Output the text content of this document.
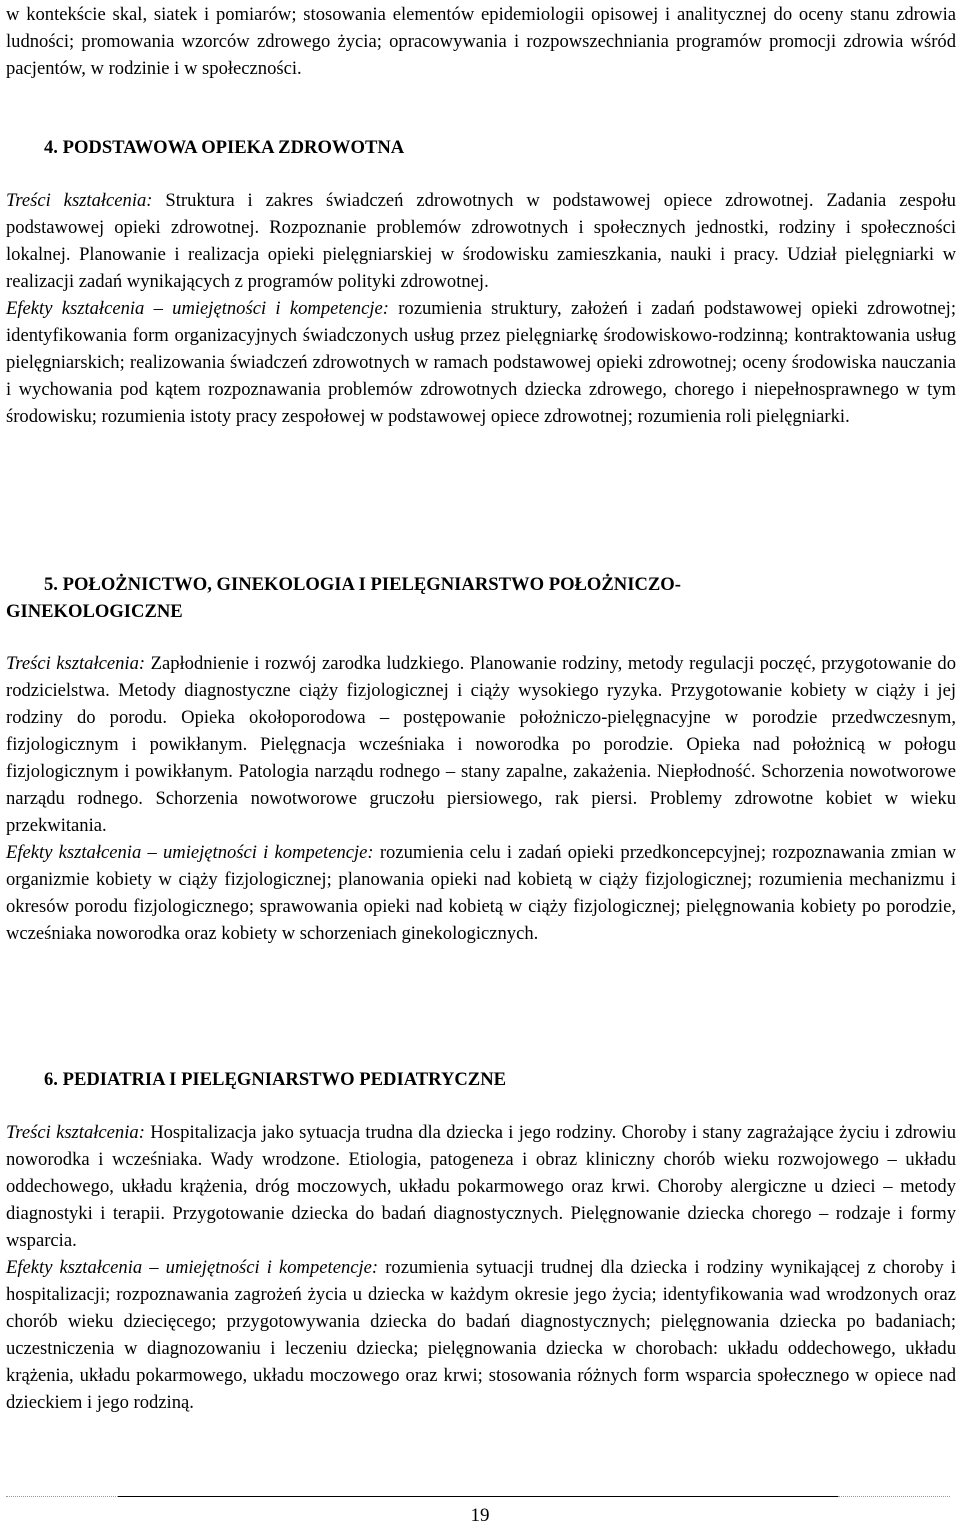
w kontekście skal, siatek i pomiarów; stosowania elementów epidemiologii opisowej i analitycznej do oceny stanu zdrowia ludności; promowania wzorców zdrowego życia; opracowywania i rozpowszechniania programów promocji zdrowia wśród pacjentów, w rodzinie i w społeczności.

4. PODSTAWOWA OPIEKA ZDROWOTNA

Treści kształcenia: Struktura i zakres świadczeń zdrowotnych w podstawowej opiece zdrowotnej. Zadania zespołu podstawowej opieki zdrowotnej. Rozpoznanie problemów zdrowotnych i społecznych jednostki, rodziny i społeczności lokalnej. Planowanie i realizacja opieki pielęgniarskiej w środowisku zamieszkania, nauki i pracy. Udział pielęgniarki w realizacji zadań wynikających z programów polityki zdrowotnej.

Efekty kształcenia – umiejętności i kompetencje: rozumienia struktury, założeń i zadań podstawowej opieki zdrowotnej; identyfikowania form organizacyjnych świadczonych usług przez pielęgniarkę środowiskowo-rodzinną; kontraktowania usług pielęgniarskich; realizowania świadczeń zdrowotnych w ramach podstawowej opieki zdrowotnej; oceny środowiska nauczania i wychowania pod kątem rozpoznawania problemów zdrowotnych dziecka zdrowego, chorego i niepełnosprawnego w tym środowisku; rozumienia istoty pracy zespołowej w podstawowej opiece zdrowotnej; rozumienia roli pielęgniarki.

5. POŁOŻNICTWO, GINEKOLOGIA I PIELĘGNIARSTWO POŁOŻNICZO-
GINEKOLOGICZNE

Treści kształcenia: Zapłodnienie i rozwój zarodka ludzkiego. Planowanie rodziny, metody regulacji poczęć, przygotowanie do rodzicielstwa. Metody diagnostyczne ciąży fizjologicznej i ciąży wysokiego ryzyka. Przygotowanie kobiety w ciąży i jej rodziny do porodu. Opieka okołoporodowa – postępowanie położniczo-pielęgnacyjne w porodzie przedwczesnym, fizjologicznym i powikłanym. Pielęgnacja wcześniaka i noworodka po porodzie. Opieka nad położnicą w połogu fizjologicznym i powikłanym. Patologia narządu rodnego – stany zapalne, zakażenia. Niepłodność. Schorzenia nowotworowe narządu rodnego. Schorzenia nowotworowe gruczołu piersiowego, rak piersi. Problemy zdrowotne kobiet w wieku przekwitania.

Efekty kształcenia – umiejętności i kompetencje: rozumienia celu i zadań opieki przedkoncepcyjnej; rozpoznawania zmian w organizmie kobiety w ciąży fizjologicznej; planowania opieki nad kobietą w ciąży fizjologicznej; rozumienia mechanizmu i okresów porodu fizjologicznego; sprawowania opieki nad kobietą w ciąży fizjologicznej; pielęgnowania kobiety po porodzie, wcześniaka noworodka oraz kobiety w schorzeniach ginekologicznych.

6. PEDIATRIA I PIELĘGNIARSTWO PEDIATRYCZNE

Treści kształcenia: Hospitalizacja jako sytuacja trudna dla dziecka i jego rodziny. Choroby i stany zagrażające życiu i zdrowiu noworodka i wcześniaka. Wady wrodzone. Etiologia, patogeneza i obraz kliniczny chorób wieku rozwojowego – układu oddechowego, układu krążenia, dróg moczowych, układu pokarmowego oraz krwi. Choroby alergiczne u dzieci – metody diagnostyki i terapii. Przygotowanie dziecka do badań diagnostycznych. Pielęgnowanie dziecka chorego – rodzaje i formy wsparcia.

Efekty kształcenia – umiejętności i kompetencje: rozumienia sytuacji trudnej dla dziecka i rodziny wynikającej z choroby i hospitalizacji; rozpoznawania zagrożeń życia u dziecka w każdym okresie jego życia; identyfikowania wad wrodzonych oraz chorób wieku dziecięcego; przygotowywania dziecka do badań diagnostycznych; pielęgnowania dziecka po badaniach; uczestniczenia w diagnozowaniu i leczeniu dziecka; pielęgnowania dziecka w chorobach: układu oddechowego, układu krążenia, układu pokarmowego, układu moczowego oraz krwi; stosowania różnych form wsparcia społecznego w opiece nad dzieckiem i jego rodziną.

19
